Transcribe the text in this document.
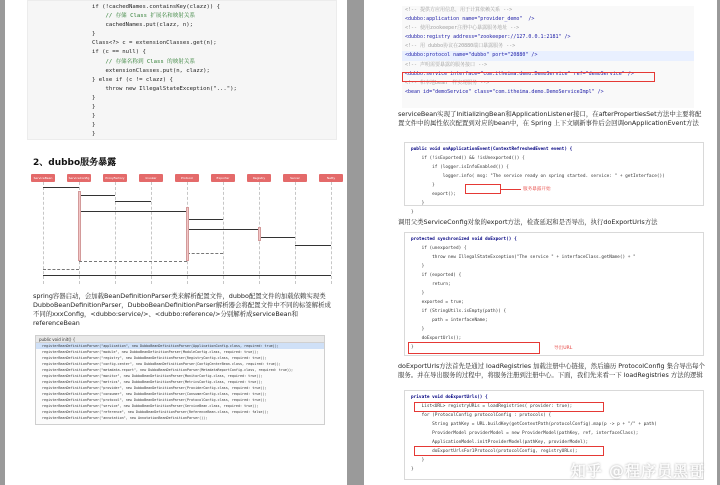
if (!cachedNames.containsKey(clazz)) {
// 存储 Class 扩展名和映射关系
cachedNames.put(clazz, n);
}
Class<?> c = extensionClasses.get(n);
if (c == null) {
// 存储名称到 Class 的映射关系
extensionClasses.put(n, clazz);
} else if (c != clazz) {
throw new IllegalStateException("...");
}
}
}
}
}
2、dubbo服务暴露
ServiceBean	ServiceConfig	ProxyFactory	Invoker	Protocol	Exporter	Registry	Server	Netty
spring容器启动，会加载BeanDefinitionParser类来解析配置文件，dubbo配置文件的加载依赖实现类DubboBeanDefinitionParser，DubboBeanDefinitionParser解析器会将配置文件中不同的标签解析成不同的xxxConfig，<dubbo:service/>、<dubbo:reference/>分别解析成serviceBean和referenceBean
public void init() {
registerBeanDefinitionParser("application", new DubboBeanDefinitionParser(ApplicationConfig.class, required: true));
registerBeanDefinitionParser("module", new DubboBeanDefinitionParser(ModuleConfig.class, required: true));
registerBeanDefinitionParser("registry", new DubboBeanDefinitionParser(RegistryConfig.class, required: true));
registerBeanDefinitionParser("config-center", new DubboBeanDefinitionParser(ConfigCenterBean.class, required: true));
registerBeanDefinitionParser("metadata-report", new DubboBeanDefinitionParser(MetadataReportConfig.class, required: true));
registerBeanDefinitionParser("monitor", new DubboBeanDefinitionParser(MonitorConfig.class, required: true));
registerBeanDefinitionParser("metrics", new DubboBeanDefinitionParser(MetricsConfig.class, required: true));
registerBeanDefinitionParser("provider", new DubboBeanDefinitionParser(ProviderConfig.class, required: true));
registerBeanDefinitionParser("consumer", new DubboBeanDefinitionParser(ConsumerConfig.class, required: true));
registerBeanDefinitionParser("protocol", new DubboBeanDefinitionParser(ProtocolConfig.class, required: true));
registerBeanDefinitionParser("service", new DubboBeanDefinitionParser(ServiceBean.class, required: true));
registerBeanDefinitionParser("reference", new DubboBeanDefinitionParser(ReferenceBean.class, required: false));
registerBeanDefinitionParser("annotation", new AnnotationBeanDefinitionParser());
<!-- 提供方应用信息，用于计算依赖关系 -->
<dubbo:application name="provider_demo"  />
<!-- 使用zookeeper注册中心暴露服务地址 -->
<dubbo:registry address="zookeeper://127.0.0.1:2181" />
<!-- 用 dubbo协议在20880端口暴露服务 -->
<dubbo:protocol name="dubbo" port="20880" />
<!-- 声明需要暴露的服务接口 -->
<dubbo:service interface="com.itheima.demo.DemoService" ref="demoService" />
<!-- 和本地bean一样实现服务 -->
<bean id="demoService" class="com.itheima.demo.DemoServiceImpl" />
serviceBean实现了InitializingBean和ApplicationListener接口，在afterPropertiesSet方法中主要将配置文件中的属性依次配置到对应的bean中，在 Spring 上下文刷新事件后会回调onApplicationEvent方法
public void onApplicationEvent(ContextRefreshedEvent event) {
if (!isExported() && !isUnexported()) {
if (logger.isInfoEnabled()) {
logger.info( msg: "The service ready on spring started. service: " + getInterface())
}
export();
}
}
服务暴露开始
调用父类ServiceConfig对象的export方法，检查延迟和是否导出，执行doExportUrls方法
protected synchronized void doExport() {
if (unexported) {
throw new IllegalStateException("The service " + interfaceClass.getName() + "
}
if (exported) {
return;
}
exported = true;
if (StringUtils.isEmpty(path)) {
path = interfaceName;
}
doExportUrls();
}	导出URL
doExportUrls方法首先是通过 loadRegistries 加载注册中心链接，然后遍历 ProtocolConfig 集合导出每个服务。并在导出服务的过程中，将服务注册到注册中心。下面，我们先来看一下 loadRegistries 方法的逻辑
private void doExportUrls() {
List<URL> registryURLs = loadRegistries( provider: true);
for (ProtocolConfig protocolConfig : protocols) {
String pathKey = URL.buildKey(getContextPath(protocolConfig).map(p -> p + "/" + path)
ProviderModel providerModel = new ProviderModel(pathKey, ref, interfaceClass);
ApplicationModel.initProviderModel(pathKey, providerModel);
doExportUrlsFor1Protocol(protocolConfig, registryURLs);
}
}	知乎 @程序员黑哥
